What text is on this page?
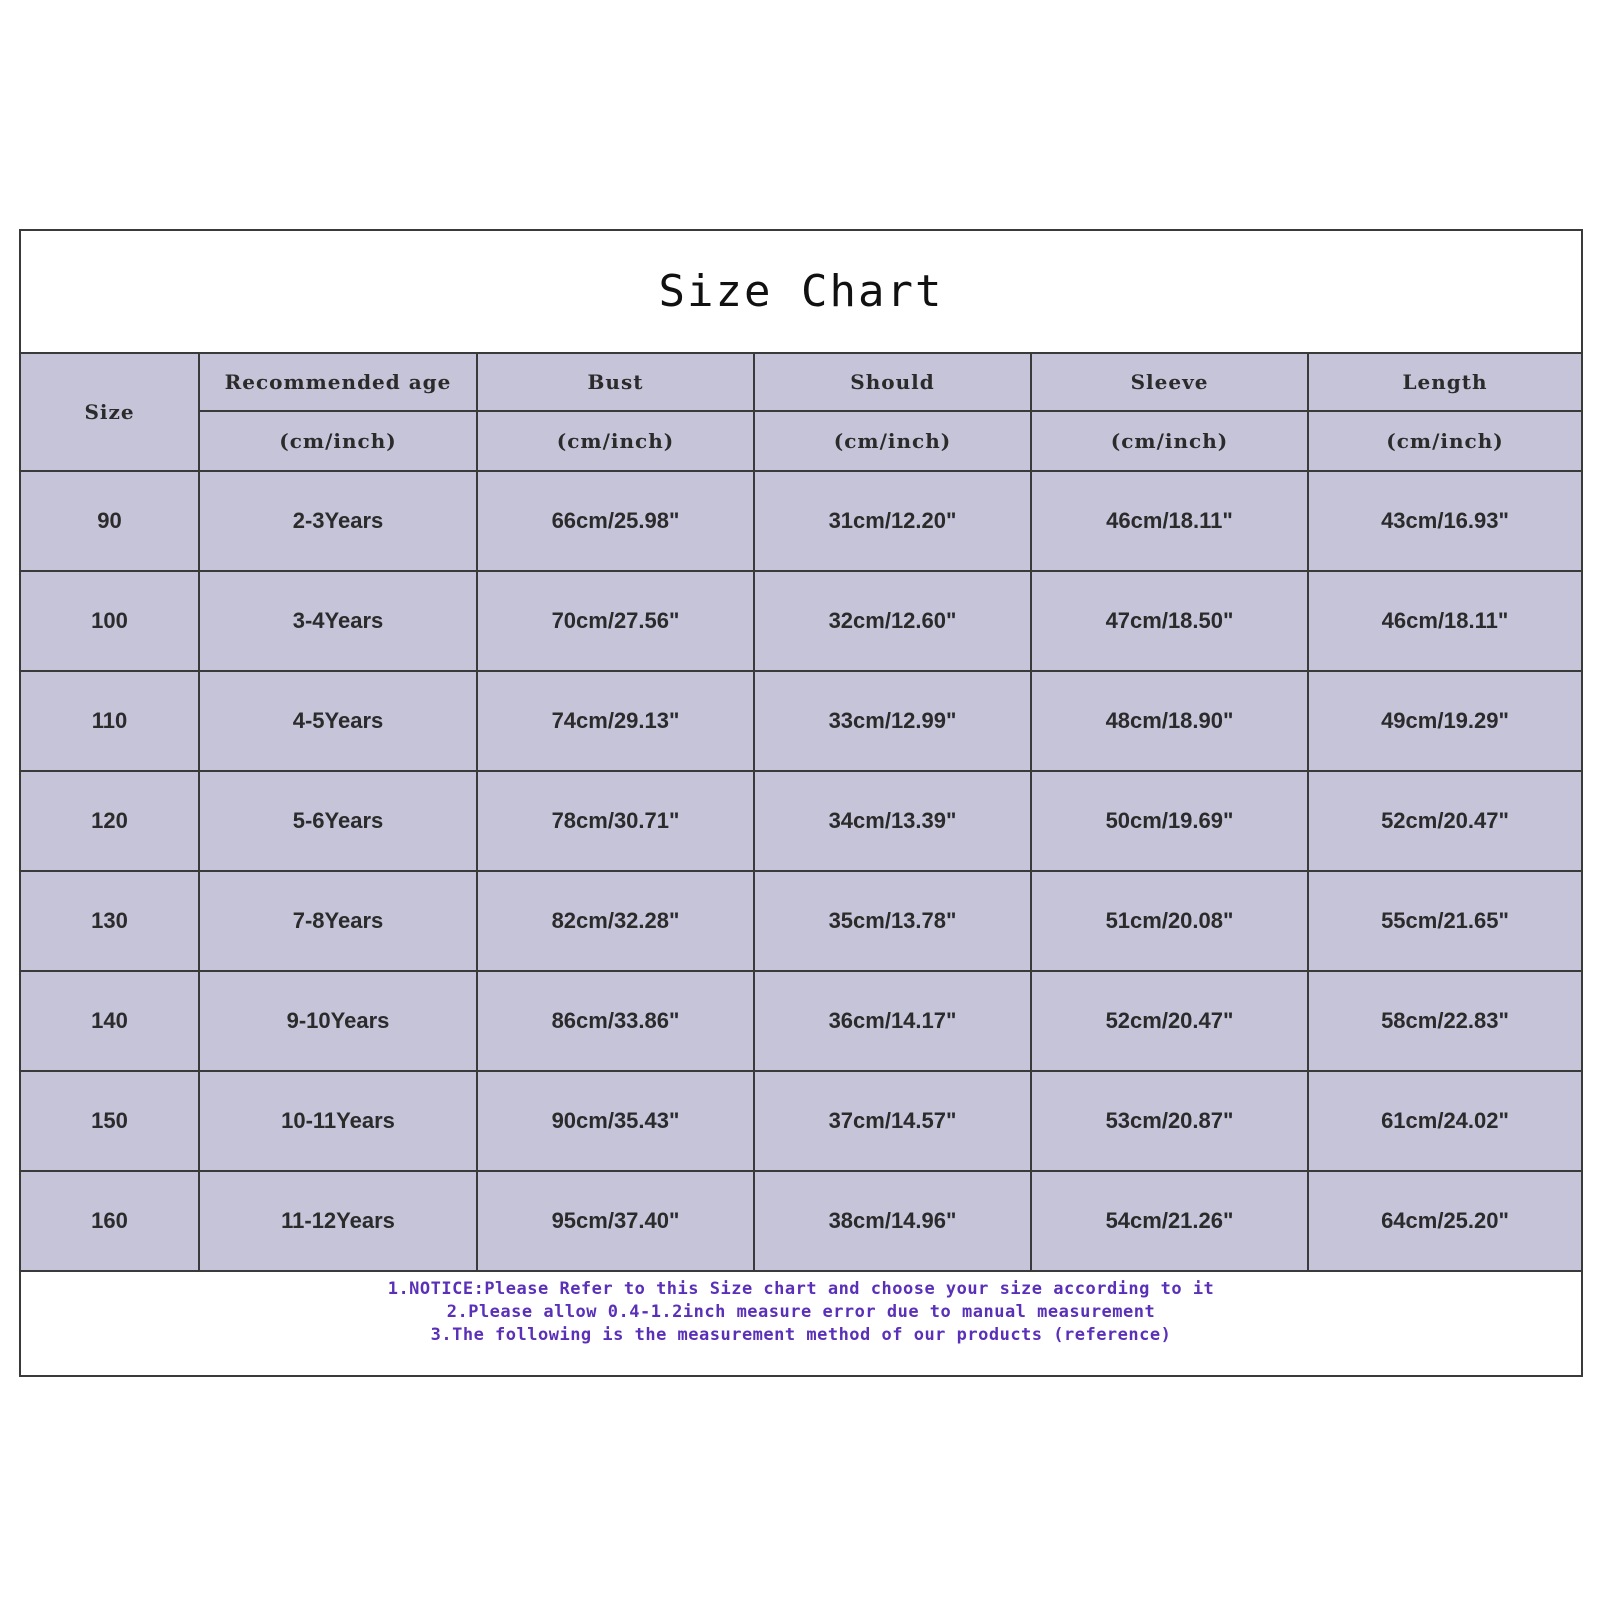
Size Chart
Size	Recommended age	Bust	Should	Sleeve	Length
	(cm/inch)	(cm/inch)	(cm/inch)	(cm/inch)	(cm/inch)
90	2-3Years	66cm/25.98"	31cm/12.20"	46cm/18.11"	43cm/16.93"
100	3-4Years	70cm/27.56"	32cm/12.60"	47cm/18.50"	46cm/18.11"
110	4-5Years	74cm/29.13"	33cm/12.99"	48cm/18.90"	49cm/19.29"
120	5-6Years	78cm/30.71"	34cm/13.39"	50cm/19.69"	52cm/20.47"
130	7-8Years	82cm/32.28"	35cm/13.78"	51cm/20.08"	55cm/21.65"
140	9-10Years	86cm/33.86"	36cm/14.17"	52cm/20.47"	58cm/22.83"
150	10-11Years	90cm/35.43"	37cm/14.57"	53cm/20.87"	61cm/24.02"
160	11-12Years	95cm/37.40"	38cm/14.96"	54cm/21.26"	64cm/25.20"
1.NOTICE:Please Refer to this Size chart and choose your size according to it
2.Please allow 0.4-1.2inch measure error due to manual measurement
3.The following is the measurement method of our products (reference)
